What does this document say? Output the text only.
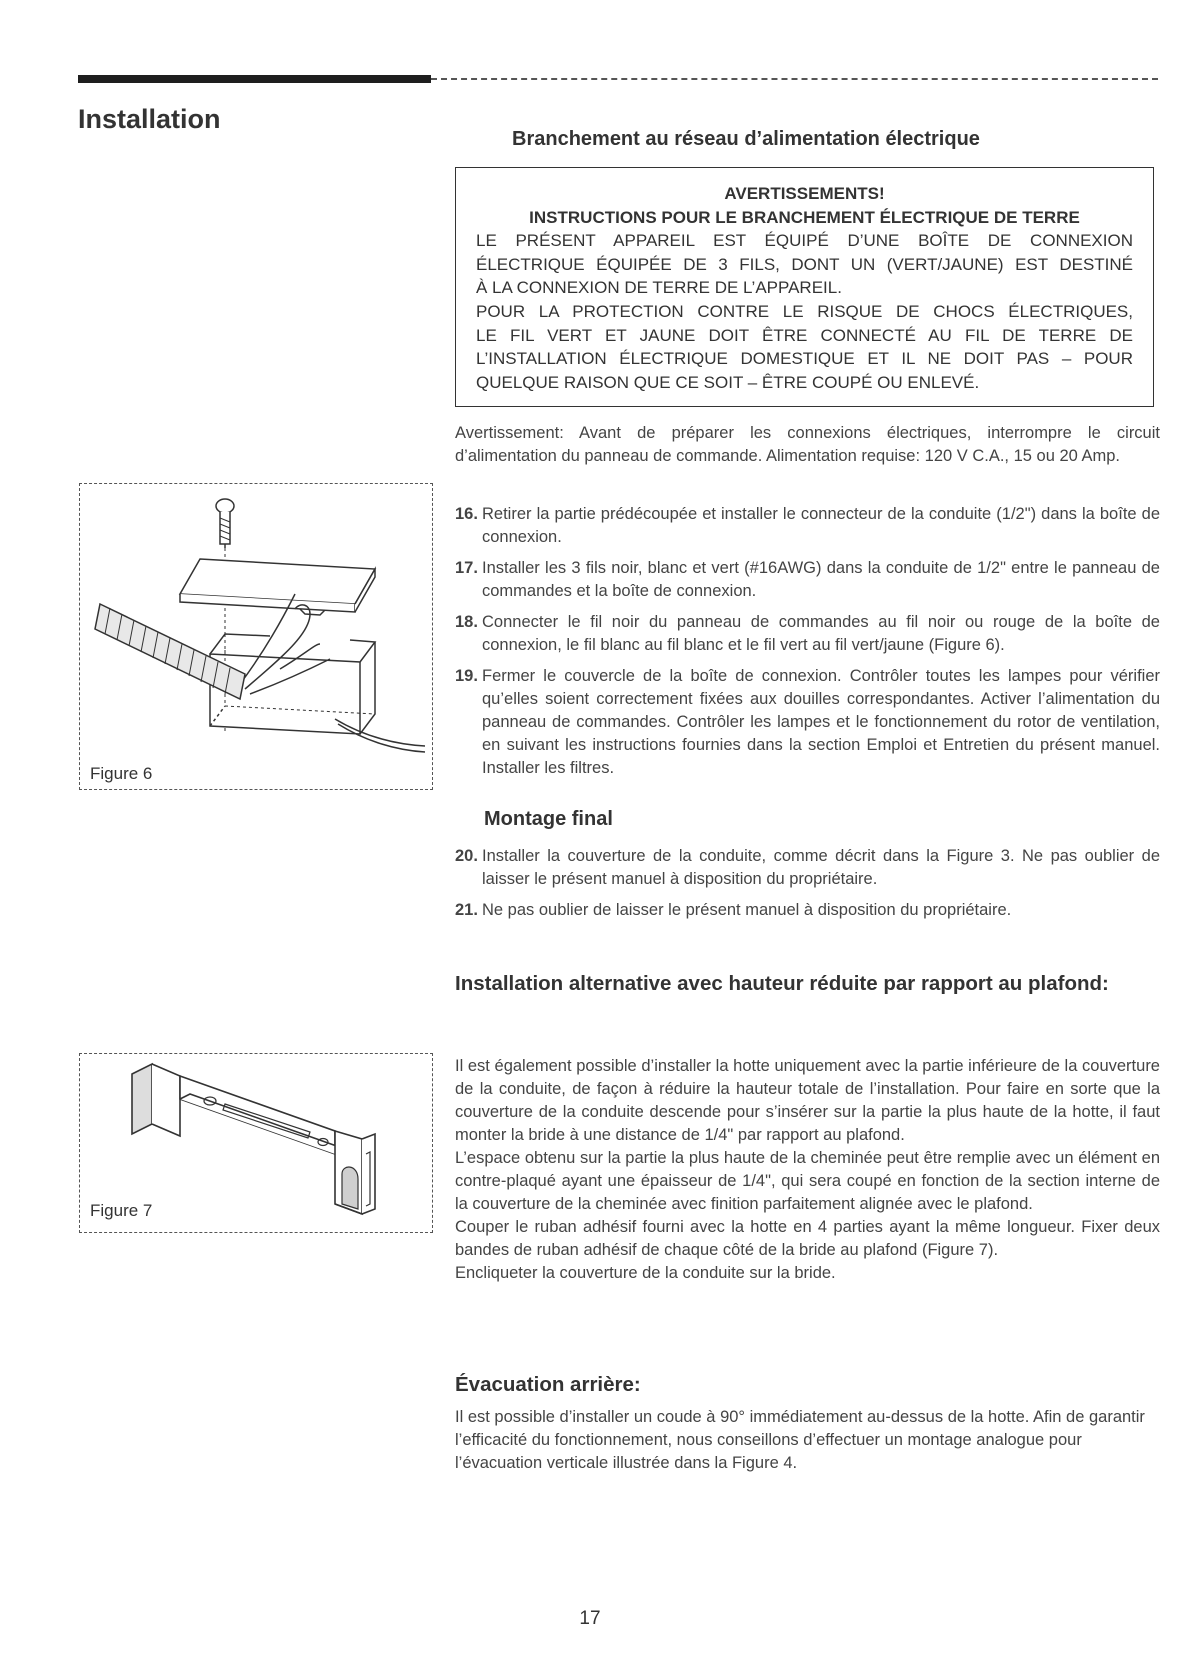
Installation
Figure 6
Branchement au réseau d’alimentation électrique
AVERTISSEMENTS!
INSTRUCTIONS POUR LE BRANCHEMENT ÉLECTRIQUE DE TERRE
LE PRÉSENT APPAREIL EST ÉQUIPÉ D’UNE BOÎTE DE CONNEXION
ÉLECTRIQUE ÉQUIPÉE DE 3 FILS, DONT UN (VERT/JAUNE) EST DESTINÉ
À LA CONNEXION DE TERRE DE L’APPAREIL.
POUR LA PROTECTION CONTRE LE RISQUE DE CHOCS ÉLECTRIQUES,
LE FIL VERT ET JAUNE DOIT ÊTRE CONNECTÉ AU FIL DE TERRE DE
L’INSTALLATION ÉLECTRIQUE DOMESTIQUE ET IL NE DOIT PAS – POUR
QUELQUE RAISON QUE CE SOIT – ÊTRE COUPÉ OU ENLEVÉ.

Avertissement: Avant de préparer les connexions électriques, interrompre le circuit d’alimentation du panneau de commande. Alimentation requise: 120 V C.A., 15 ou 20 Amp.

16. Retirer la partie prédécoupée et installer le connecteur de la conduite (1/2") dans la boîte de connexion.
17. Installer les 3 fils noir, blanc et vert (#16AWG) dans la conduite de 1/2" entre le panneau de commandes et la boîte de connexion.
18. Connecter le fil noir du panneau de commandes au fil noir ou rouge de la boîte de connexion, le fil blanc au fil blanc et le fil vert au fil vert/jaune (Figure 6).
19. Fermer le couvercle de la boîte de connexion. Contrôler toutes les lampes pour vérifier qu’elles soient correctement fixées aux douilles correspondantes. Activer l’alimentation du panneau de commandes. Contrôler les lampes et le fonctionnement du rotor de ventilation, en suivant les instructions fournies dans la section Emploi et Entretien du présent manuel. Installer les filtres.
Montage final
20. Installer la couverture de la conduite, comme décrit dans la Figure 3. Ne pas oublier de laisser le présent manuel à disposition du propriétaire.
21. Ne pas oublier de laisser le présent manuel à disposition du propriétaire.
Installation alternative avec hauteur réduite par rapport au plafond:
Figure 7
Il est également possible d’installer la hotte uniquement avec la partie inférieure de la couverture de la conduite, de façon à réduire la hauteur totale de l’installation. Pour faire en sorte que la couverture de la conduite descende pour s’insérer sur la partie la plus haute de la hotte, il faut monter la bride à une distance de 1/4" par rapport au plafond.
L’espace obtenu sur la partie la plus haute de la cheminée peut être remplie avec un élément en contre-plaqué ayant une épaisseur de 1/4", qui sera coupé en fonction de la section interne de la couverture de la cheminée avec finition parfaitement alignée avec le plafond.
Couper le ruban adhésif fourni avec la hotte en 4 parties ayant la même longueur. Fixer deux bandes de ruban adhésif de chaque côté de la bride au plafond (Figure 7).
Encliqueter la couverture de la conduite sur la bride.
Évacuation arrière:

Il est possible d’installer un coude à 90° immédiatement au-dessus de la hotte. Afin de garantir l’efficacité du fonctionnement, nous conseillons d’effectuer un montage analogue pour l’évacuation verticale illustrée dans la Figure 4.

17
